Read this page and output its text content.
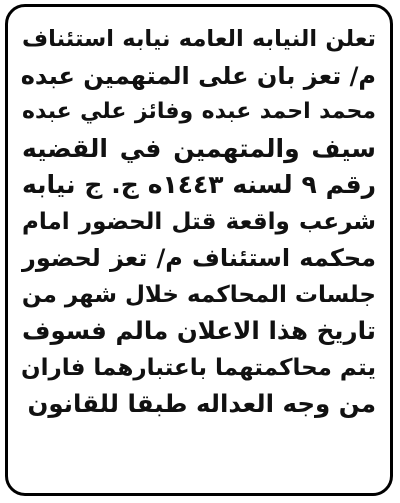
تعلن النيابه العامه نيابه استئناف
م/ تعز بان على المتهمين عبده
محمد احمد عبده وفائز علي عبده
سيف والمتهمين في القضيه
رقم ٩ لسنه ١٤٤٣ه ج. ج نيابه
شرعب واقعة قتل الحضور امام
محكمه استئناف م/ تعز لحضور
جلسات المحاكمه خلال شهر من
تاريخ هذا الاعلان مالم فسوف
يتم محاكمتهما باعتبارهما فاران
من وجه العداله طبقا للقانون
